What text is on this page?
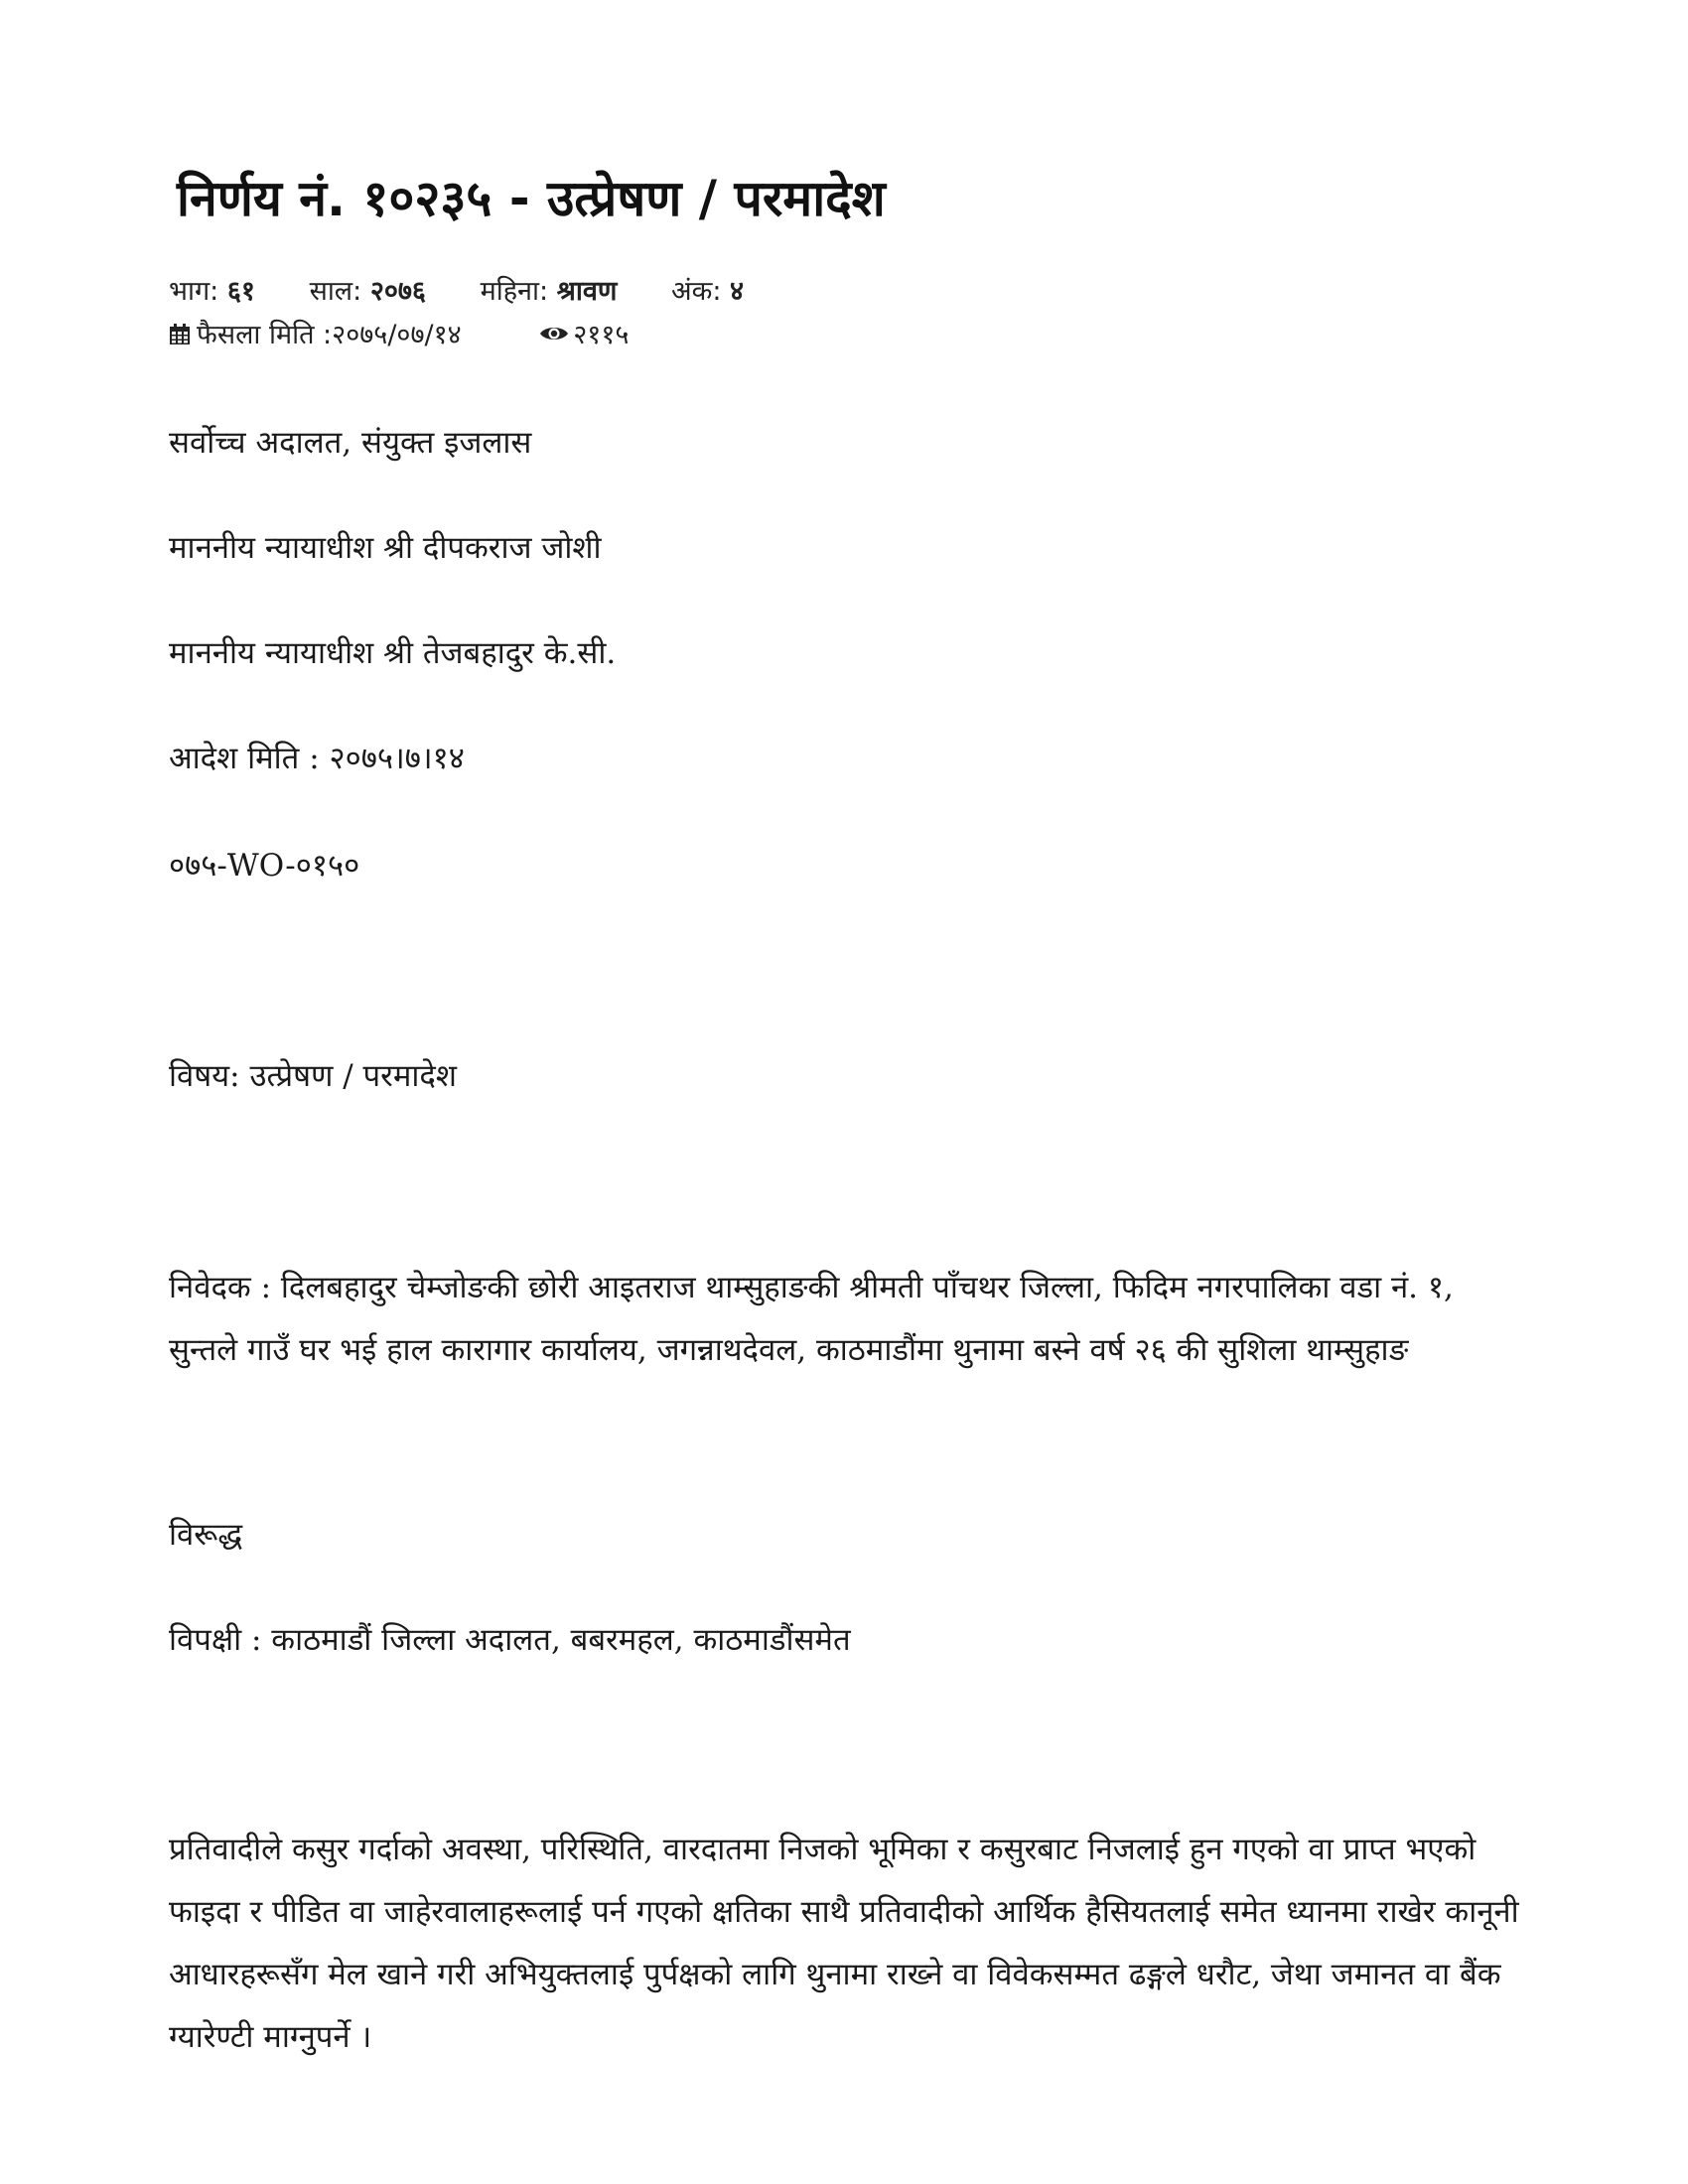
निर्णय नं. १०२३५ - उत्प्रेषण / परमादेश
भाग: ६१ साल: २०७६ महिना: श्रावण अंक: ४
फैसला मिति :२०७५/०७/१४	२११५

सर्वोच्च अदालत, संयुक्त इजलास

माननीय न्यायाधीश श्री दीपकराज जोशी

माननीय न्यायाधीश श्री तेजबहादुर के.सी.

आदेश मिति : २०७५।७।१४

०७५-WO-०१५०

विषय: उत्प्रेषण / परमादेश

निवेदक : दिलबहादुर चेम्जोङकी छोरी आइतराज थाम्सुहाङकी श्रीमती पाँचथर जिल्ला, फिदिम नगरपालिका वडा नं. १, सुन्तले गाउँ घर भई हाल कारागार कार्यालय, जगन्नाथदेवल, काठमाडौंमा थुनामा बस्ने वर्ष २६ की सुशिला थाम्सुहाङ

विरूद्ध

विपक्षी : काठमाडौं जिल्ला अदालत, बबरमहल, काठमाडौंसमेत

प्रतिवादीले कसुर गर्दाको अवस्था, परिस्थिति, वारदातमा निजको भूमिका र कसुरबाट निजलाई हुन गएको वा प्राप्त भएको फाइदा र पीडित वा जाहेरवालाहरूलाई पर्न गएको क्षतिका साथै प्रतिवादीको आर्थिक हैसियतलाई समेत ध्यानमा राखेर कानूनी आधारहरूसँग मेल खाने गरी अभियुक्तलाई पुर्पक्षको लागि थुनामा राख्ने वा विवेकसम्मत ढङ्गले धरौट, जेथा जमानत वा बैंक ग्यारेण्टी माग्नुपर्ने ।
